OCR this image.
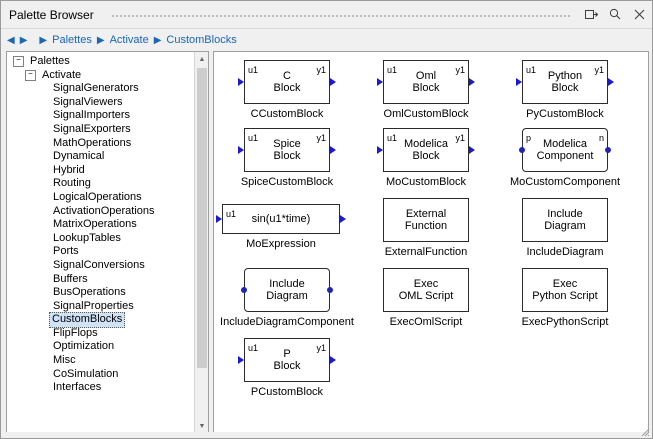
Palette Browser
◀ ▶ ▶ Palettes ▶ Activate ▶ CustomBlocks
− Palettes
− Activate
SignalGenerators
SignalViewers
SignalImporters
SignalExporters
MathOperations
Dynamical
Hybrid
Routing
LogicalOperations
ActivationOperations
MatrixOperations
LookupTables
Ports
SignalConversions
Buffers
BusOperations
SignalProperties
CustomBlocks
FlipFlops
Optimization
Misc
CoSimulation
Interfaces
▲
▼
C
Block
u1	y1
CCustomBlock
Oml
Block
u1	y1
OmlCustomBlock
Python
Block
u1	y1
PyCustomBlock
Spice
Block
u1	y1
SpiceCustomBlock
Modelica
Block
u1	y1
MoCustomBlock
Modelica
Component
p	n
MoCustomComponent
sin(u1*time)
u1
MoExpression
External
Function
ExternalFunction
Include
Diagram
IncludeDiagram
Include
Diagram
IncludeDiagramComponent
Exec
OML Script
ExecOmlScript
Exec
Python Script
ExecPythonScript
P
Block
u1	y1
PCustomBlock
